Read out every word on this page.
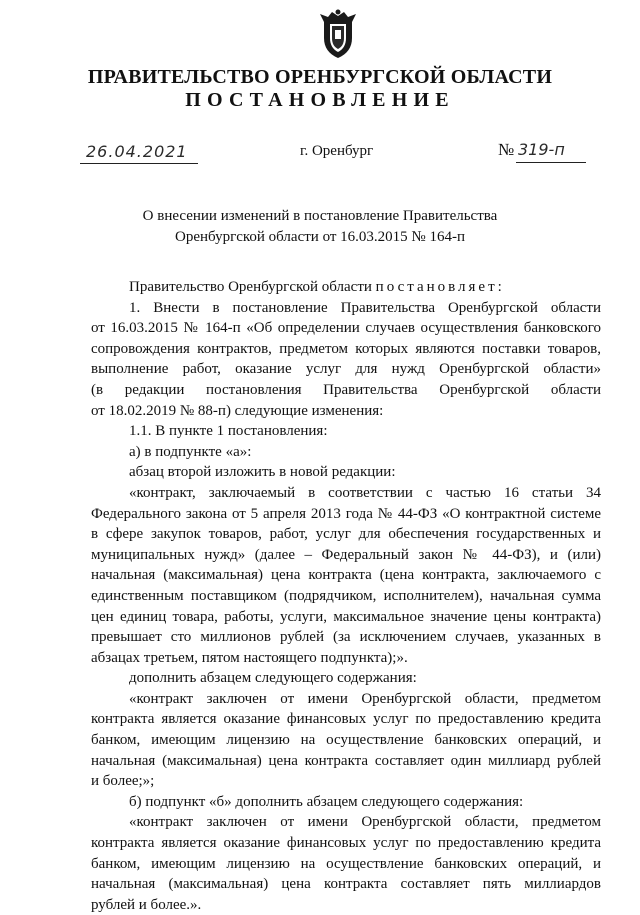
ПРАВИТЕЛЬСТВО ОРЕНБУРГСКОЙ ОБЛАСТИ
ПОСТАНОВЛЕНИЕ
26.04.2021	г. Оренбург	№ 319-п
О внесении изменений в постановление Правительства
Оренбургской области от 16.03.2015 № 164-п
Правительство Оренбургской области постановляет:
1. Внести в постановление Правительства Оренбургской области
от 16.03.2015 № 164-п «Об определении случаев осуществления банковского
сопровождения контрактов, предметом которых являются поставки товаров,
выполнение работ, оказание услуг для нужд Оренбургской области»
(в редакции постановления Правительства Оренбургской области
от 18.02.2019 № 88-п) следующие изменения:
1.1. В пункте 1 постановления:
а) в подпункте «а»:
абзац второй изложить в новой редакции:
«контракт, заключаемый в соответствии с частью 16 статьи 34
Федерального закона от 5 апреля 2013 года № 44-ФЗ «О контрактной системе
в сфере закупок товаров, работ, услуг для обеспечения государственных и
муниципальных нужд» (далее – Федеральный закон № 44-ФЗ), и (или)
начальная (максимальная) цена контракта (цена контракта, заключаемого с
единственным поставщиком (подрядчиком, исполнителем), начальная сумма
цен единиц товара, работы, услуги, максимальное значение цены контракта)
превышает сто миллионов рублей (за исключением случаев, указанных в
абзацах третьем, пятом настоящего подпункта);».
дополнить абзацем следующего содержания:
«контракт заключен от имени Оренбургской области, предметом
контракта является оказание финансовых услуг по предоставлению кредита
банком, имеющим лицензию на осуществление банковских операций, и
начальная (максимальная) цена контракта составляет один миллиард рублей
и более;»;
б) подпункт «б» дополнить абзацем следующего содержания:
«контракт заключен от имени Оренбургской области, предметом
контракта является оказание финансовых услуг по предоставлению кредита
банком, имеющим лицензию на осуществление банковских операций, и
начальная (максимальная) цена контракта составляет пять миллиардов
рублей и более.».
